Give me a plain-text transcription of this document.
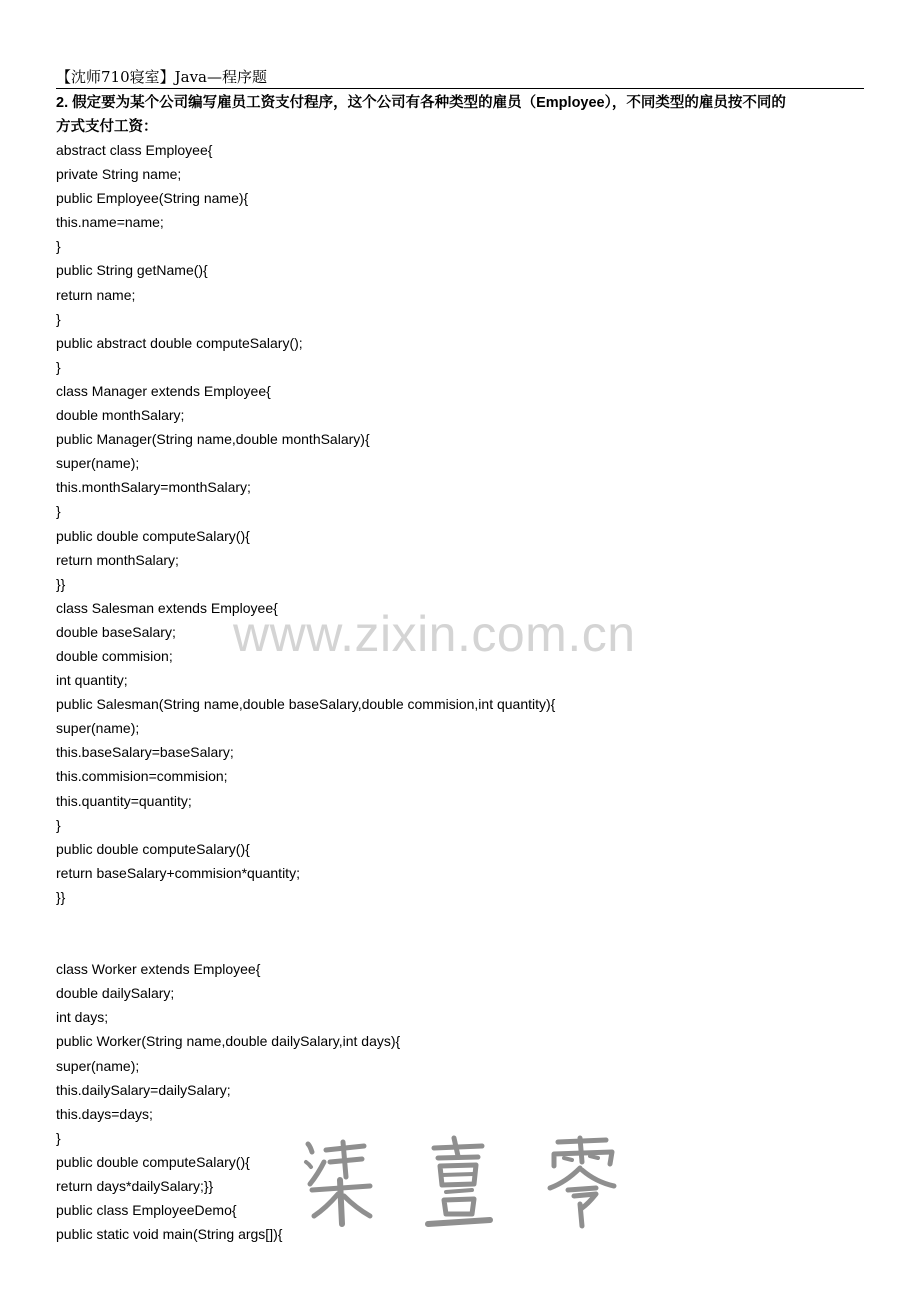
【沈师710寝室】Java—程序题
2. 假定要为某个公司编写雇员工资支付程序，这个公司有各种类型的雇员（Employee），不同类型的雇员按不同的
方式支付工资：
abstract class Employee{
private String name;
public Employee(String name){
this.name=name;
}
public String getName(){
return name;
}
public abstract double computeSalary();
}
class Manager extends Employee{
double monthSalary;
public Manager(String name,double monthSalary){
super(name);
this.monthSalary=monthSalary;
}
public double computeSalary(){
return monthSalary;
}}
class Salesman extends Employee{
double baseSalary;
double commision;
int quantity;
public Salesman(String name,double baseSalary,double commision,int quantity){
super(name);
this.baseSalary=baseSalary;
this.commision=commision;
this.quantity=quantity;
}
public double computeSalary(){
return baseSalary+commision*quantity;
}}
class Worker extends Employee{
double dailySalary;
int days;
public Worker(String name,double dailySalary,int days){
super(name);
this.dailySalary=dailySalary;
this.days=days;
}
public double computeSalary(){
return days*dailySalary;}}
public class EmployeeDemo{
public static void main(String args[]){
www.zixin.com.cn
